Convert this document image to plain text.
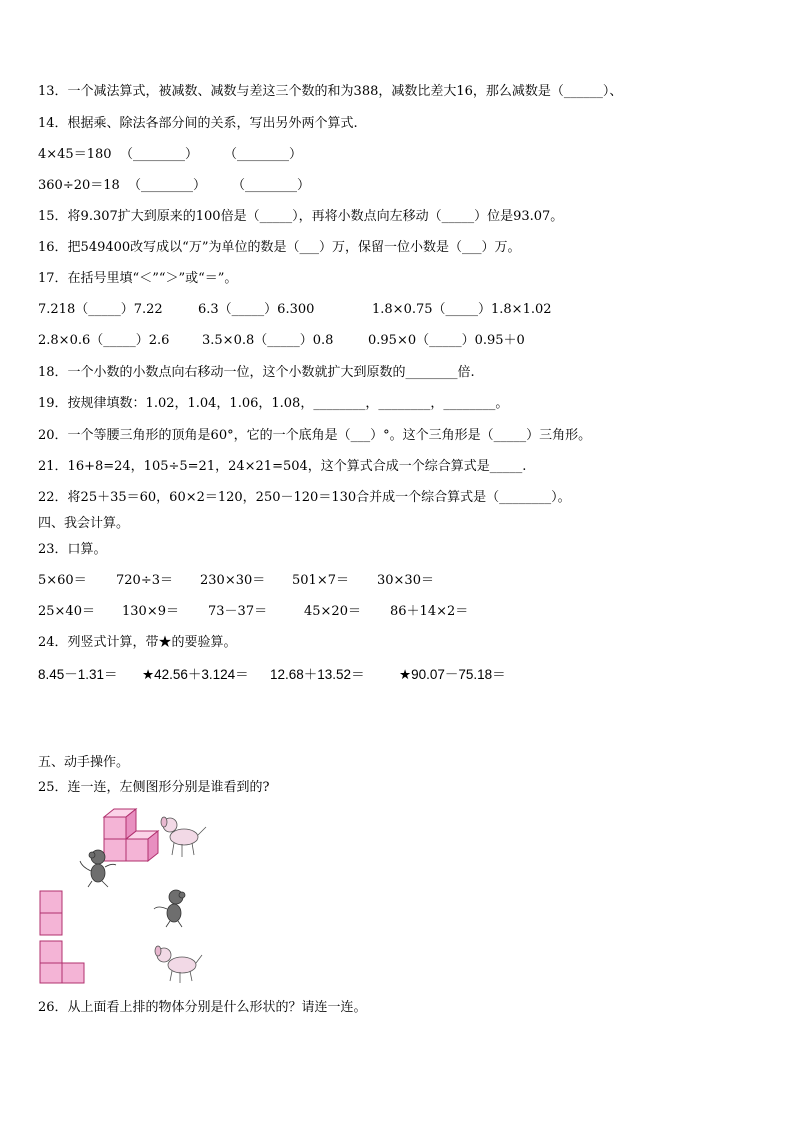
13．一个减法算式，被减数、减数与差这三个数的和为388，减数比差大16，那么减数是（______）、
14．根据乘、除法各部分间的关系，写出另外两个算式.
4×45＝180 （________） （________）
360÷20＝18 （________） （________）
15．将9.307扩大到原来的100倍是（_____），再将小数点向左移动（_____）位是93.07。
16．把549400改写成以“万”为单位的数是（___）万，保留一位小数是（___）万。
17．在括号里填“＜”“＞”或“＝”。
7.218（_____）7.22	6.3（_____）6.300	1.8×0.75（_____）1.8×1.02
2.8×0.6（_____）2.6	3.5×0.8（_____）0.8	0.95×0（_____）0.95＋0
18．一个小数的小数点向右移动一位，这个小数就扩大到原数的________倍.
19．按规律填数：1.02，1.04，1.06，1.08，________，________，________。
20．一个等腰三角形的顶角是60°，它的一个底角是（___）°。这个三角形是（_____）三角形。
21．16+8=24，105÷5=21，24×21=504，这个算式合成一个综合算式是_____.
22．将25＋35＝60，60×2＝120，250－120＝130合并成一个综合算式是（________）。
四、我会计算。
23．口算。
5×60＝ 720÷3＝ 230×30＝ 501×7＝ 30×30＝
25×40＝ 130×9＝ 73－37＝	45×20＝ 86＋14×2＝
24．列竖式计算，带★的要验算。
8.45－1.31＝ ★42.56＋3.124＝ 12.68＋13.52＝	★90.07－75.18＝
五、动手操作。
25．连一连，左侧图形分别是谁看到的?
26．从上面看上排的物体分别是什么形状的？请连一连。
